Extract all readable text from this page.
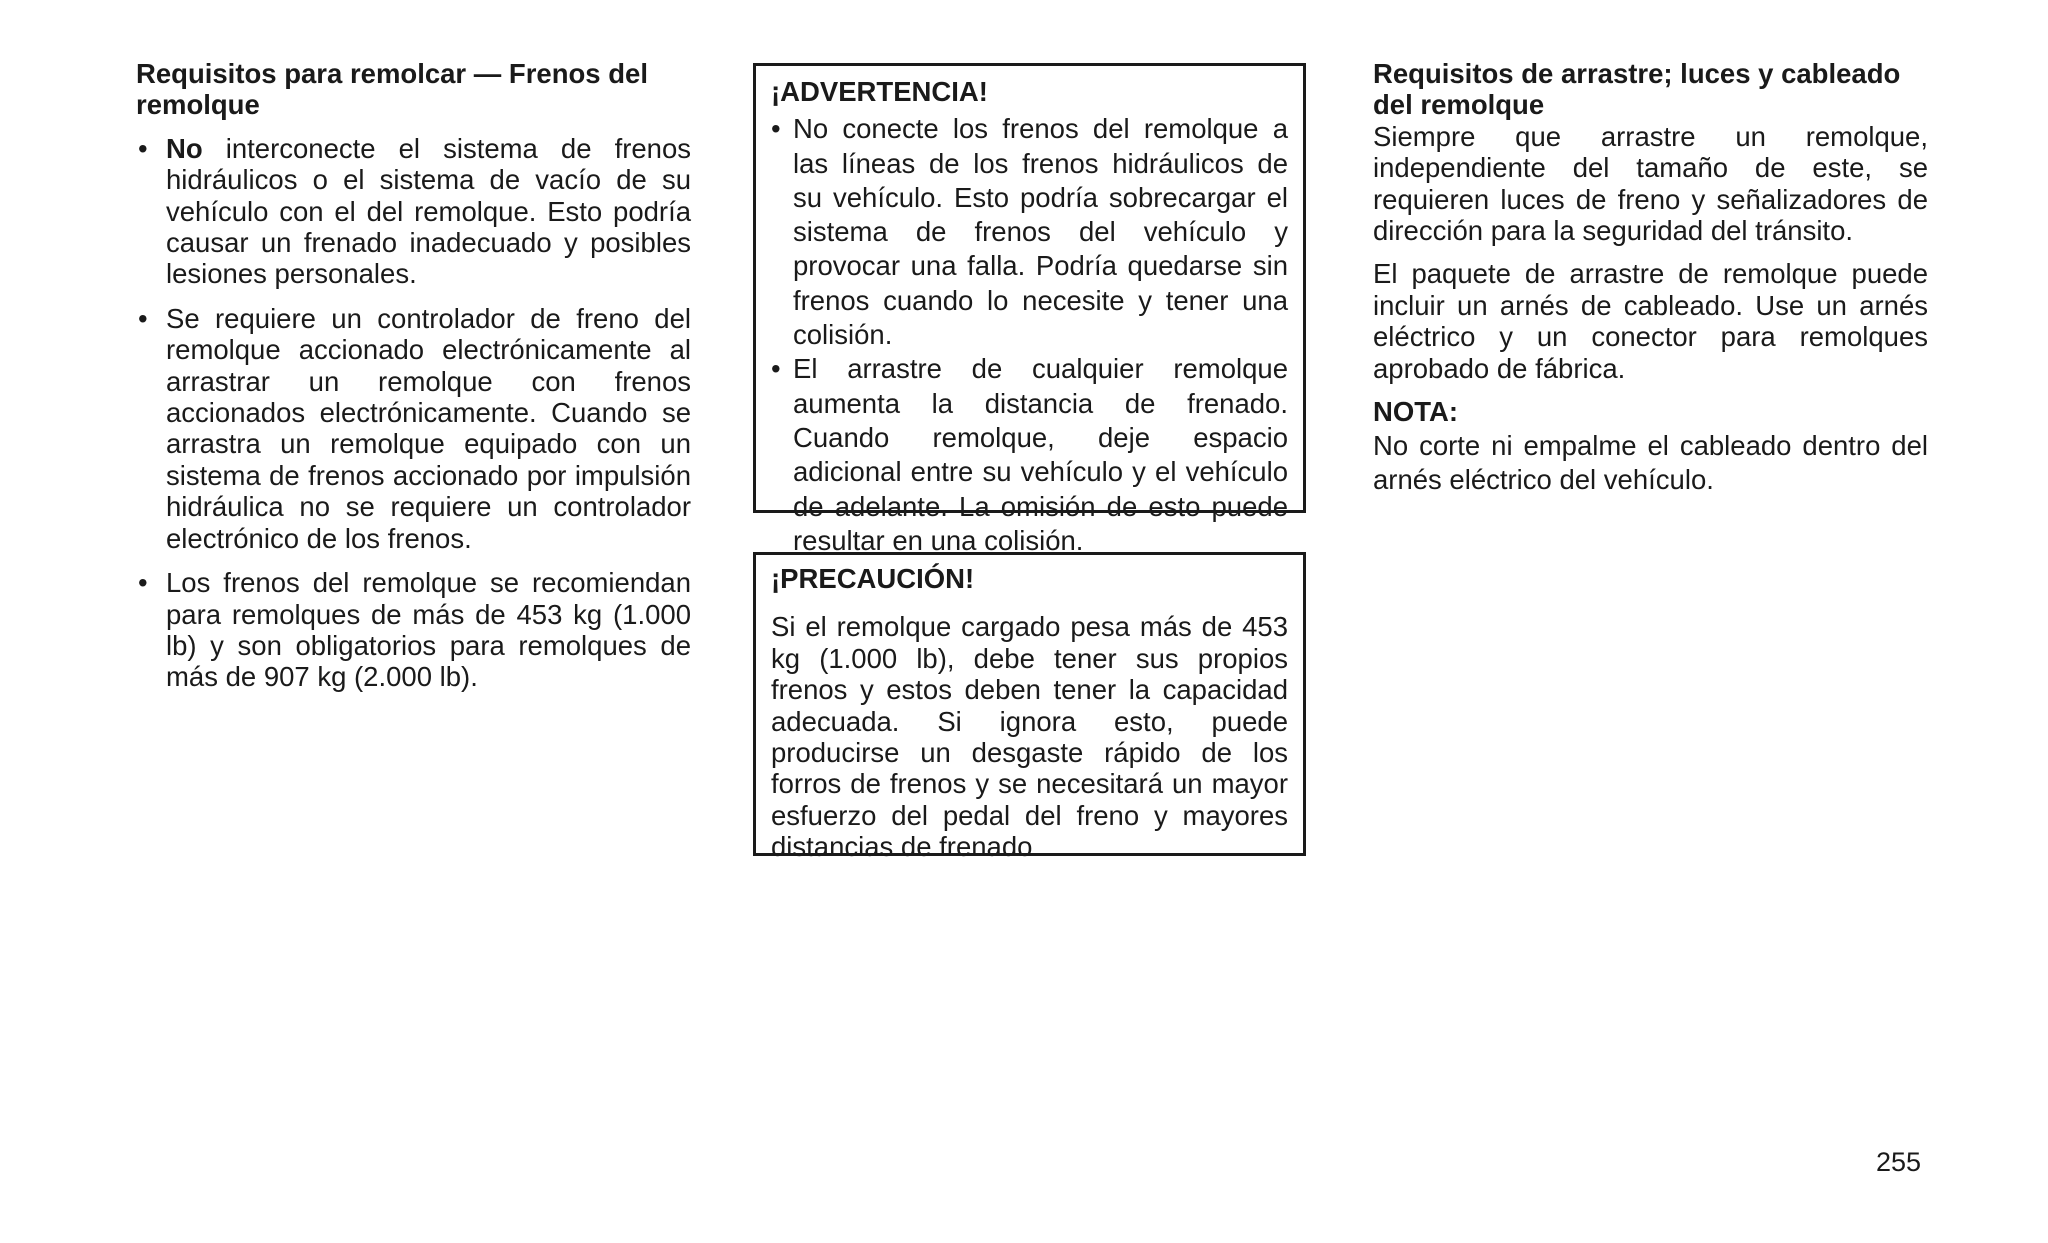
Requisitos para remolcar — Frenos del remolque
• No interconecte el sistema de frenos hidráulicos o el sistema de vacío de su vehículo con el del remolque. Esto podría causar un frenado inadecuado y posibles lesiones personales.
• Se requiere un controlador de freno del remolque accionado electrónicamente al arrastrar un remolque con frenos accionados electrónicamente. Cuando se arrastra un remolque equipado con un sistema de frenos accionado por impulsión hidráulica no se requiere un controlador electrónico de los frenos.
• Los frenos del remolque se recomiendan para remolques de más de 453 kg (1.000 lb) y son obligatorios para remolques de más de 907 kg (2.000 lb).
¡ADVERTENCIA!
• No conecte los frenos del remolque a las líneas de los frenos hidráulicos de su vehículo. Esto podría sobrecargar el sistema de frenos del vehículo y provocar una falla. Podría quedarse sin frenos cuando lo necesite y tener una colisión.
• El arrastre de cualquier remolque aumenta la distancia de frenado. Cuando remolque, deje espacio adicional entre su vehículo y el vehículo de adelante. La omisión de esto puede resultar en una colisión.
¡PRECAUCIÓN!
Si el remolque cargado pesa más de 453 kg (1.000 lb), debe tener sus propios frenos y estos deben tener la capacidad adecuada. Si ignora esto, puede producirse un desgaste rápido de los forros de frenos y se necesitará un mayor esfuerzo del pedal del freno y mayores distancias de frenado.
Requisitos de arrastre; luces y cableado del remolque

Siempre que arrastre un remolque, independiente del tamaño de este, se requieren luces de freno y señalizadores de dirección para la seguridad del tránsito.

El paquete de arrastre de remolque puede incluir un arnés de cableado. Use un arnés eléctrico y un conector para remolques aprobado de fábrica.

NOTA:

No corte ni empalme el cableado dentro del arnés eléctrico del vehículo.

255
